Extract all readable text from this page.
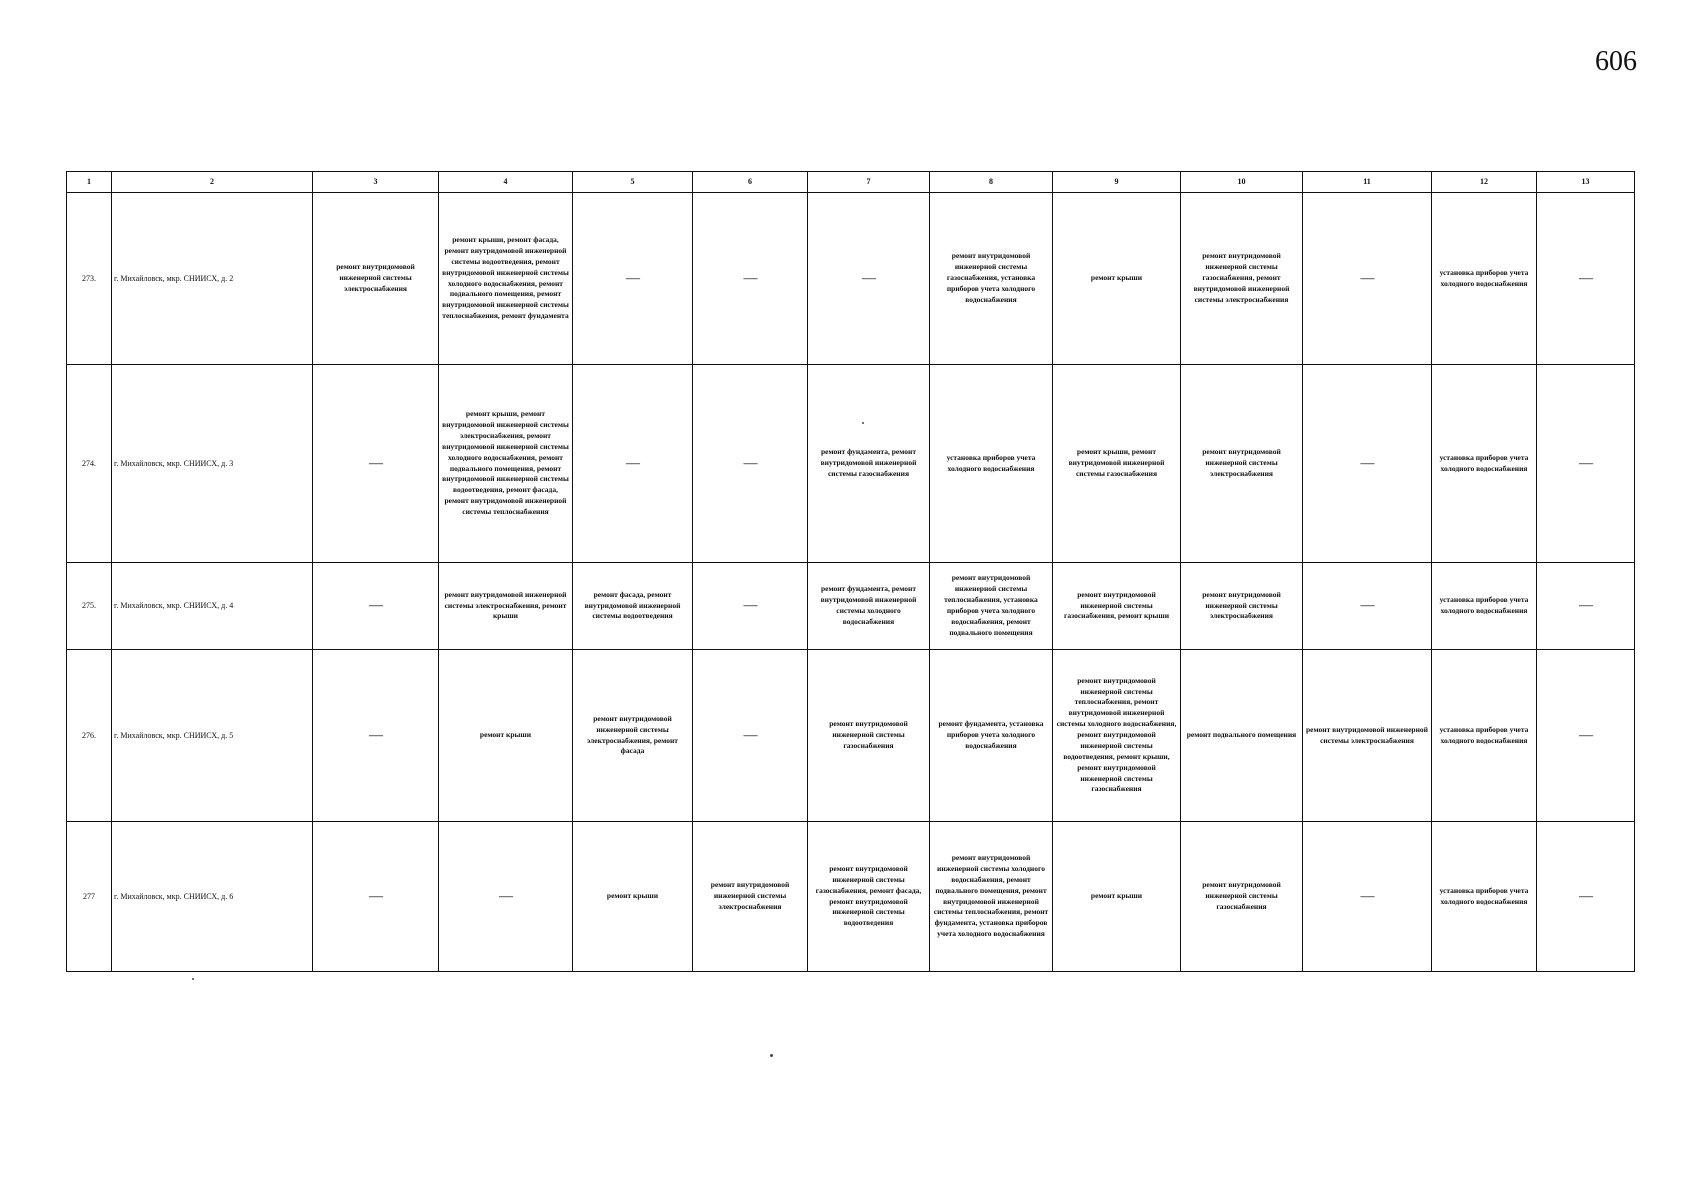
606
1	2	3	4	5	6	7	8	9	10	11	12	13
273.	г. Михайловск, мкр. СНИИСХ, д. 2	ремонт внутридомовой инженерной системы электроснабжения	ремонт крыши, ремонт фасада, ремонт внутридомовой инженерной системы водоотведения, ремонт внутридомовой инженерной системы холодного водоснабжения, ремонт подвального помещения, ремонт внутридомовой инженерной системы теплоснабжения, ремонт фундамента	—	—	—	ремонт внутридомовой инженерной системы газоснабжения, установка приборов учета холодного водоснабжения	ремонт крыши	ремонт внутридомовой инженерной системы газоснабжения, ремонт внутридомовой инженерной системы электроснабжения	—	установка приборов учета холодного водоснабжения	—
274.	г. Михайловск, мкр. СНИИСХ, д. 3	—	ремонт крыши, ремонт внутридомовой инженерной системы электроснабжения, ремонт внутридомовой инженерной системы холодного водоснабжения, ремонт подвального помещения, ремонт внутридомовой инженерной системы водоотведения, ремонт фасада, ремонт внутридомовой инженерной системы теплоснабжения	—	—	ремонт фундамента, ремонт внутридомовой инженерной системы газоснабжения	установка приборов учета холодного водоснабжения	ремонт крыши, ремонт внутридомовой инженерной системы газоснабжения	ремонт внутридомовой инженерной системы электроснабжения	—	установка приборов учета холодного водоснабжения	—
275.	г. Михайловск, мкр. СНИИСХ, д. 4	—	ремонт внутридомовой инженерной системы электроснабжения, ремонт крыши	ремонт фасада, ремонт внутридомовой инженерной системы водоотведения	—	ремонт фундамента, ремонт внутридомовой инженерной системы холодного водоснабжения	ремонт внутридомовой инженерной системы теплоснабжения, установка приборов учета холодного водоснабжения, ремонт подвального помещения	ремонт внутридомовой инженерной системы газоснабжения, ремонт крыши	ремонт внутридомовой инженерной системы электроснабжения	—	установка приборов учета холодного водоснабжения	—
276.	г. Михайловск, мкр. СНИИСХ, д. 5	—	ремонт крыши	ремонт внутридомовой инженерной системы электроснабжения, ремонт фасада	—	ремонт внутридомовой инженерной системы газоснабжения	ремонт фундамента, установка приборов учета холодного водоснабжения	ремонт внутридомовой инженерной системы теплоснабжения, ремонт внутридомовой инженерной системы холодного водоснабжения, ремонт внутридомовой инженерной системы водоотведения, ремонт крыши, ремонт внутридомовой инженерной системы газоснабжения	ремонт подвального помещения	ремонт внутридомовой инженерной системы электроснабжения	установка приборов учета холодного водоснабжения	—
277	г. Михайловск, мкр. СНИИСХ, д. 6	—	—	ремонт крыши	ремонт внутридомовой инженерной системы электроснабжения	ремонт внутридомовой инженерной системы газоснабжения, ремонт фасада, ремонт внутридомовой инженерной системы водоотведения	ремонт внутридомовой инженерной системы холодного водоснабжения, ремонт подвального помещения, ремонт внутридомовой инженерной системы теплоснабжения, ремонт фундамента, установка приборов учета холодного водоснабжения	ремонт крыши	ремонт внутридомовой инженерной системы газоснабжения	—	установка приборов учета холодного водоснабжения	—
